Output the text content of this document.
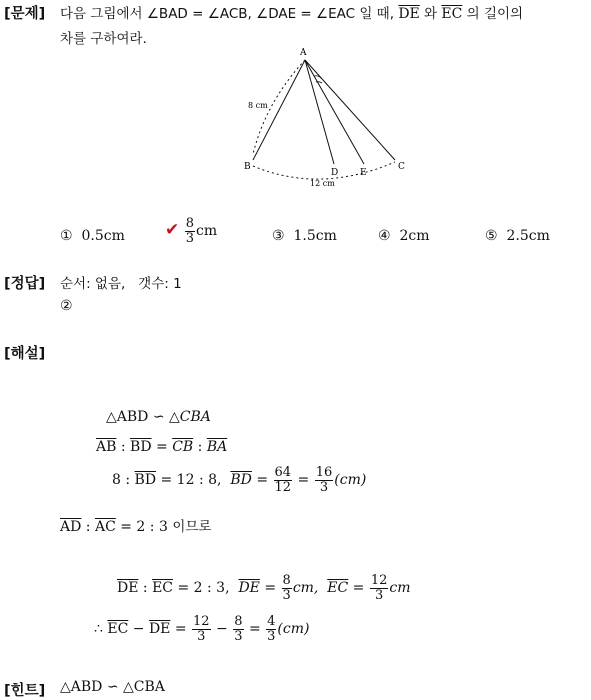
[문제] 다음 그림에서 ∠BAD = ∠ACB, ∠DAE = ∠EAC 일 때, $\overline{DE}$ 와 $\overline{EC}$ 의 길이의
차를 구하여라.
A
B
D E
C
8 cm
12 cm
① 0.5cm ✔ $\frac{8}{3}$ cm	③ 1.5cm	④ 2cm	⑤ 2.5cm
[정답] 순서: 없음,   갯수: 1
②
[해설]
△ABD ∽ △CBA
$\overline{AB}$ : $\overline{BD} = \overline{CB}$ : $\overline{BA}$
8 : $\overline{BD} = 12$ : 8, $\overline{BD} = \frac{64}{12} = \frac{16}{3} (cm)$
$\overline{AD}$ : $\overline{AC} = 2$ : 3 이므로
$\overline{DE}$ : $\overline{EC} = 2$ : 3, $\overline{DE} = \frac{8}{3}$ cm, $\overline{EC} = \frac{12}{3}$ cm
∴ $\overline{EC} - \overline{DE} = \frac{12}{3} - \frac{8}{3} = \frac{4}{3} (cm)$
[힌트] △ABD ∽ △CBA
